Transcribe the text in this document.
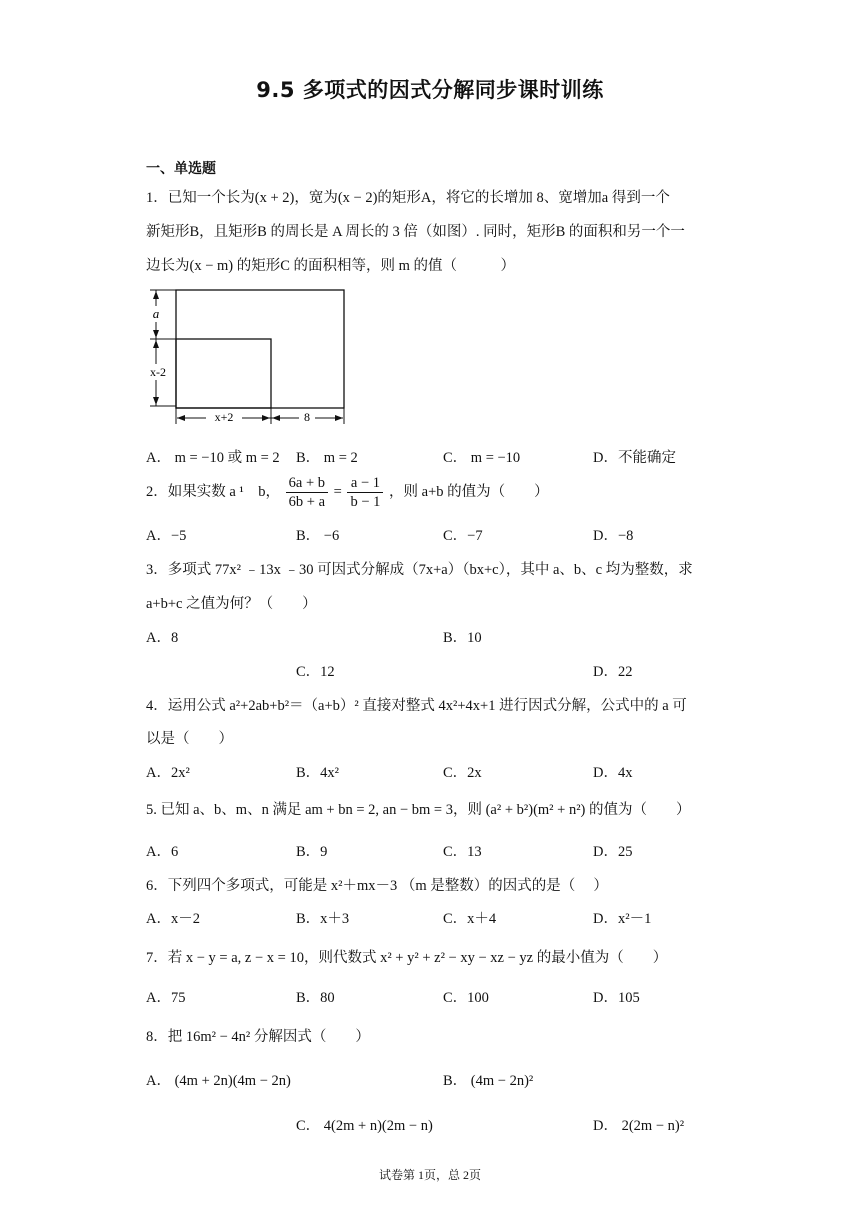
9.5 多项式的因式分解同步课时训练
一、单选题
1．已知一个长为(x + 2)，宽为(x − 2)的矩形A，将它的长增加 8、宽增加a 得到一个
新矩形B，且矩形B 的周长是 A 周长的 3 倍（如图）. 同时，矩形B 的面积和另一个一
边长为(x − m) 的矩形C 的面积相等，则 m 的值（　　　）
a
x-2
x+2	8
A． m = −10 或 m = 2 B． m = 2	C． m = −10	D．不能确定
2．如果实数 a ¹　b， $\frac{6a + b}{6b + a} = \frac{a - 1}{b - 1}$ ，则 a+b 的值为（　　）
A．−5	B． −6	C．−7	D．−8
3．多项式 77x² ﹣13x ﹣30 可因式分解成（7x+a）（bx+c），其中 a、b、c 均为整数，求
a+b+c 之值为何？（　　）
A．8	B．10
C．12	D．22
4．运用公式 a²+2ab+b²＝（a+b）² 直接对整式 4x²+4x+1 进行因式分解，公式中的 a 可
以是（　　）
A．2x²	B．4x²	C．2x	D．4x
5. 已知 a、b、m、n 满足 am + bn = 2, an − bm = 3，则 (a² + b²)(m² + n²) 的值为（　　）
A．6	B．9	C．13	D．25
6．下列四个多项式，可能是 x²＋mx－3 （m 是整数）的因式的是（　 ）
A．x－2	B．x＋3	C．x＋4	D．x²－1
7．若 x − y = a, z − x = 10，则代数式 x² + y² + z² − xy − xz − yz 的最小值为（　　）
A．75	B．80	C．100	D．105
8．把 16m² − 4n² 分解因式（　　）
A． (4m + 2n)(4m − 2n)	B． (4m − 2n)²
C． 4(2m + n)(2m − n)	D． 2(2m − n)²
试卷第 1页，总 2页
